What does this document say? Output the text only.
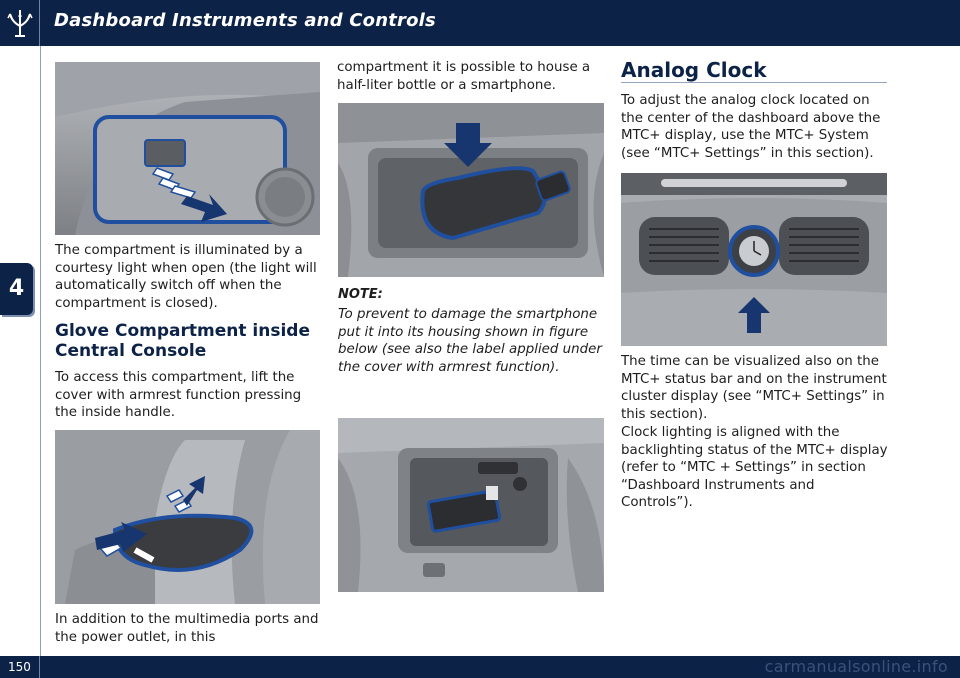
Dashboard Instruments and Controls
4
The compartment is illuminated by a courtesy light when open (the light will automatically switch off when the compartment is closed).
Glove Compartment inside Central Console
To access this compartment, lift the cover with armrest function pressing the inside handle.
In addition to the multimedia ports and the power outlet, in this
compartment it is possible to house a half-liter bottle or a smartphone.
NOTE:
To prevent to damage the smartphone put it into its housing shown in figure below (see also the label applied under the cover with armrest function).
Analog Clock
To adjust the analog clock located on the center of the dashboard above the MTC+ display, use the MTC+ System (see “MTC+ Settings” in this section).
The time can be visualized also on the MTC+ status bar and on the instrument cluster display (see “MTC+ Settings” in this section).
Clock lighting is aligned with the backlighting status of the MTC+ display (refer to “MTC + Settings” in section “Dashboard Instruments and Controls”).
150	carmanualsonline.info
